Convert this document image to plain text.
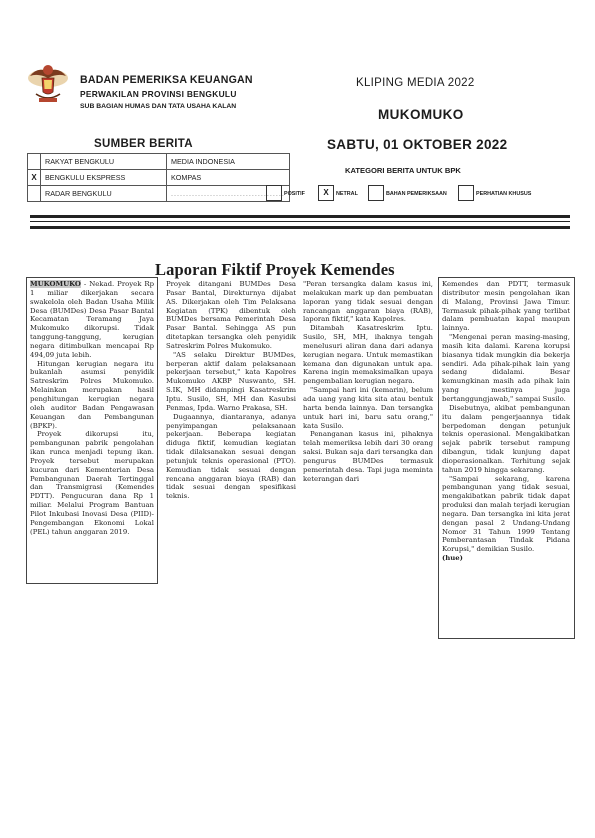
BADAN PEMERIKSA KEUANGAN
PERWAKILAN PROVINSI BENGKULU
SUB BAGIAN HUMAS DAN TATA USAHA KALAN
KLIPING MEDIA 2022
MUKOMUKO
SUMBER BERITA	SABTU, 01 OKTOBER 2022
KATEGORI BERITA UNTUK BPK
	RAKYAT BENGKULU	MEDIA INDONESIA
X	BENGKULU EKSPRESS	KOMPAS
	RADAR BENGKULU	...................................... POSITIF	X	NETRAL	BAHAN PEMERIKSAAN	PERHATIAN KHUSUS
Laporan Fiktif Proyek Kemendes

MUKOMUKO - Nekad. Proyek Rp 1 miliar dikerjakan secara swakelola oleh Badan Usaha Milik Desa (BUMDes) Desa Pasar Bantal Kecamatan Teramang Jaya Mukomuko dikorupsi. Tidak tanggung-tanggung, kerugian negara ditimbulkan mencapai Rp 494,09 juta lebih.

Hitungan kerugian negara itu bukanlah asumsi penyidik Satreskrim Polres Mukomuko. Melainkan merupakan hasil penghitungan kerugian negara oleh auditor Badan Pengawasan Keuangan dan Pembangunan (BPKP).

Proyek dikorupsi itu, pembangunan pabrik pengolahan ikan runca menjadi tepung ikan. Proyek tersebut merupakan kucuran dari Kementerian Desa Pembangunan Daerah Tertinggal dan Transmigrasi (Kemendes PDTT). Pengucuran dana Rp 1 miliar. Melalui Program Bantuan Pilot Inkubasi Inovasi Desa (PIID)-Pengembangan Ekonomi Lokal (PEL) tahun anggaran 2019.

Proyek ditangani BUMDes Desa Pasar Bantal, Direkturnya dijabat AS. Dikerjakan oleh Tim Pelaksana Kegiatan (TPK) dibentuk oleh BUMDes bersama Pemerintah Desa Pasar Bantal. Sehingga AS pun ditetapkan tersangka oleh penyidik Satreskrim Polres Mukomuko.

"AS selaku Direktur BUMDes, berperan aktif dalam pelaksanaan pekerjaan tersebut," kata Kapolres Mukomuko AKBP Nuswanto, SH. S.IK, MH didampingi Kasatreskrim Iptu. Susilo, SH, MH dan Kasubsi Penmas, Ipda. Warno Prakasa, SH.

Dugaannya, diantaranya, adanya penyimpangan pelaksanaan pekerjaan. Beberapa kegiatan diduga fiktif, kemudian kegiatan tidak dilaksanakan sesuai dengan petunjuk teknis operasional (PTO). Kemudian tidak sesuai dengan rencana anggaran biaya (RAB) dan tidak sesuai dengan spesifikasi teknis.

"Peran tersangka dalam kasus ini, melakukan mark up dan pembuatan laporan yang tidak sesuai dengan rancangan anggaran biaya (RAB), laporan fiktif," kata Kapolres.

Ditambah Kasatreskrim Iptu. Susilo, SH, MH, ihaknya tengah menelusuri aliran dana dari adanya kerugian negara. Untuk memastikan kemana dan digunakan untuk apa. Karena ingin memaksimalkan upaya pengembalian kerugian negara.

"Sampai hari ini (kemarin), belum ada uang yang kita sita atau bentuk harta benda lainnya. Dan tersangka untuk hari ini, baru satu orang," kata Susilo.

Penanganan kasus ini, pihaknya telah memeriksa lebih dari 30 orang saksi. Bukan saja dari tersangka dan pengurus BUMDes termasuk pemerintah desa. Tapi juga meminta keterangan dari

Kemendes dan PDTT, termasuk distributor mesin pengolahan ikan di Malang, Provinsi Jawa Timur. Termasuk pihak-pihak yang terlibat dalam pembuatan kapal maupun lainnya.

"Mengenai peran masing-masing, masih kita dalami. Karena korupsi biasanya tidak mungkin dia bekerja sendiri. Ada pihak-pihak lain yang sedang didalami. Besar kemungkinan masih ada pihak lain yang mestinya juga bertanggungjawab," sampai Susilo.

Disebutnya, akibat pembangunan itu dalam pengerjaannya tidak berpedoman dengan petunjuk teknis operasional. Mengakibatkan sejak pabrik tersebut rampung dibangun, tidak kunjung dapat dioperasionalkan. Terhitung sejak tahun 2019 hingga sekarang.

"Sampai sekarang, karena pembangunan yang tidak sesuai, mengakibatkan pabrik tidak dapat produksi dan malah terjadi kerugian negara. Dan tersangka ini kita jerat dengan pasal 2 Undang-Undang Nomor 31 Tahun 1999 Tentang Pemberantasan Tindak Pidana Korupsi," demikian Susilo.

(hue)
